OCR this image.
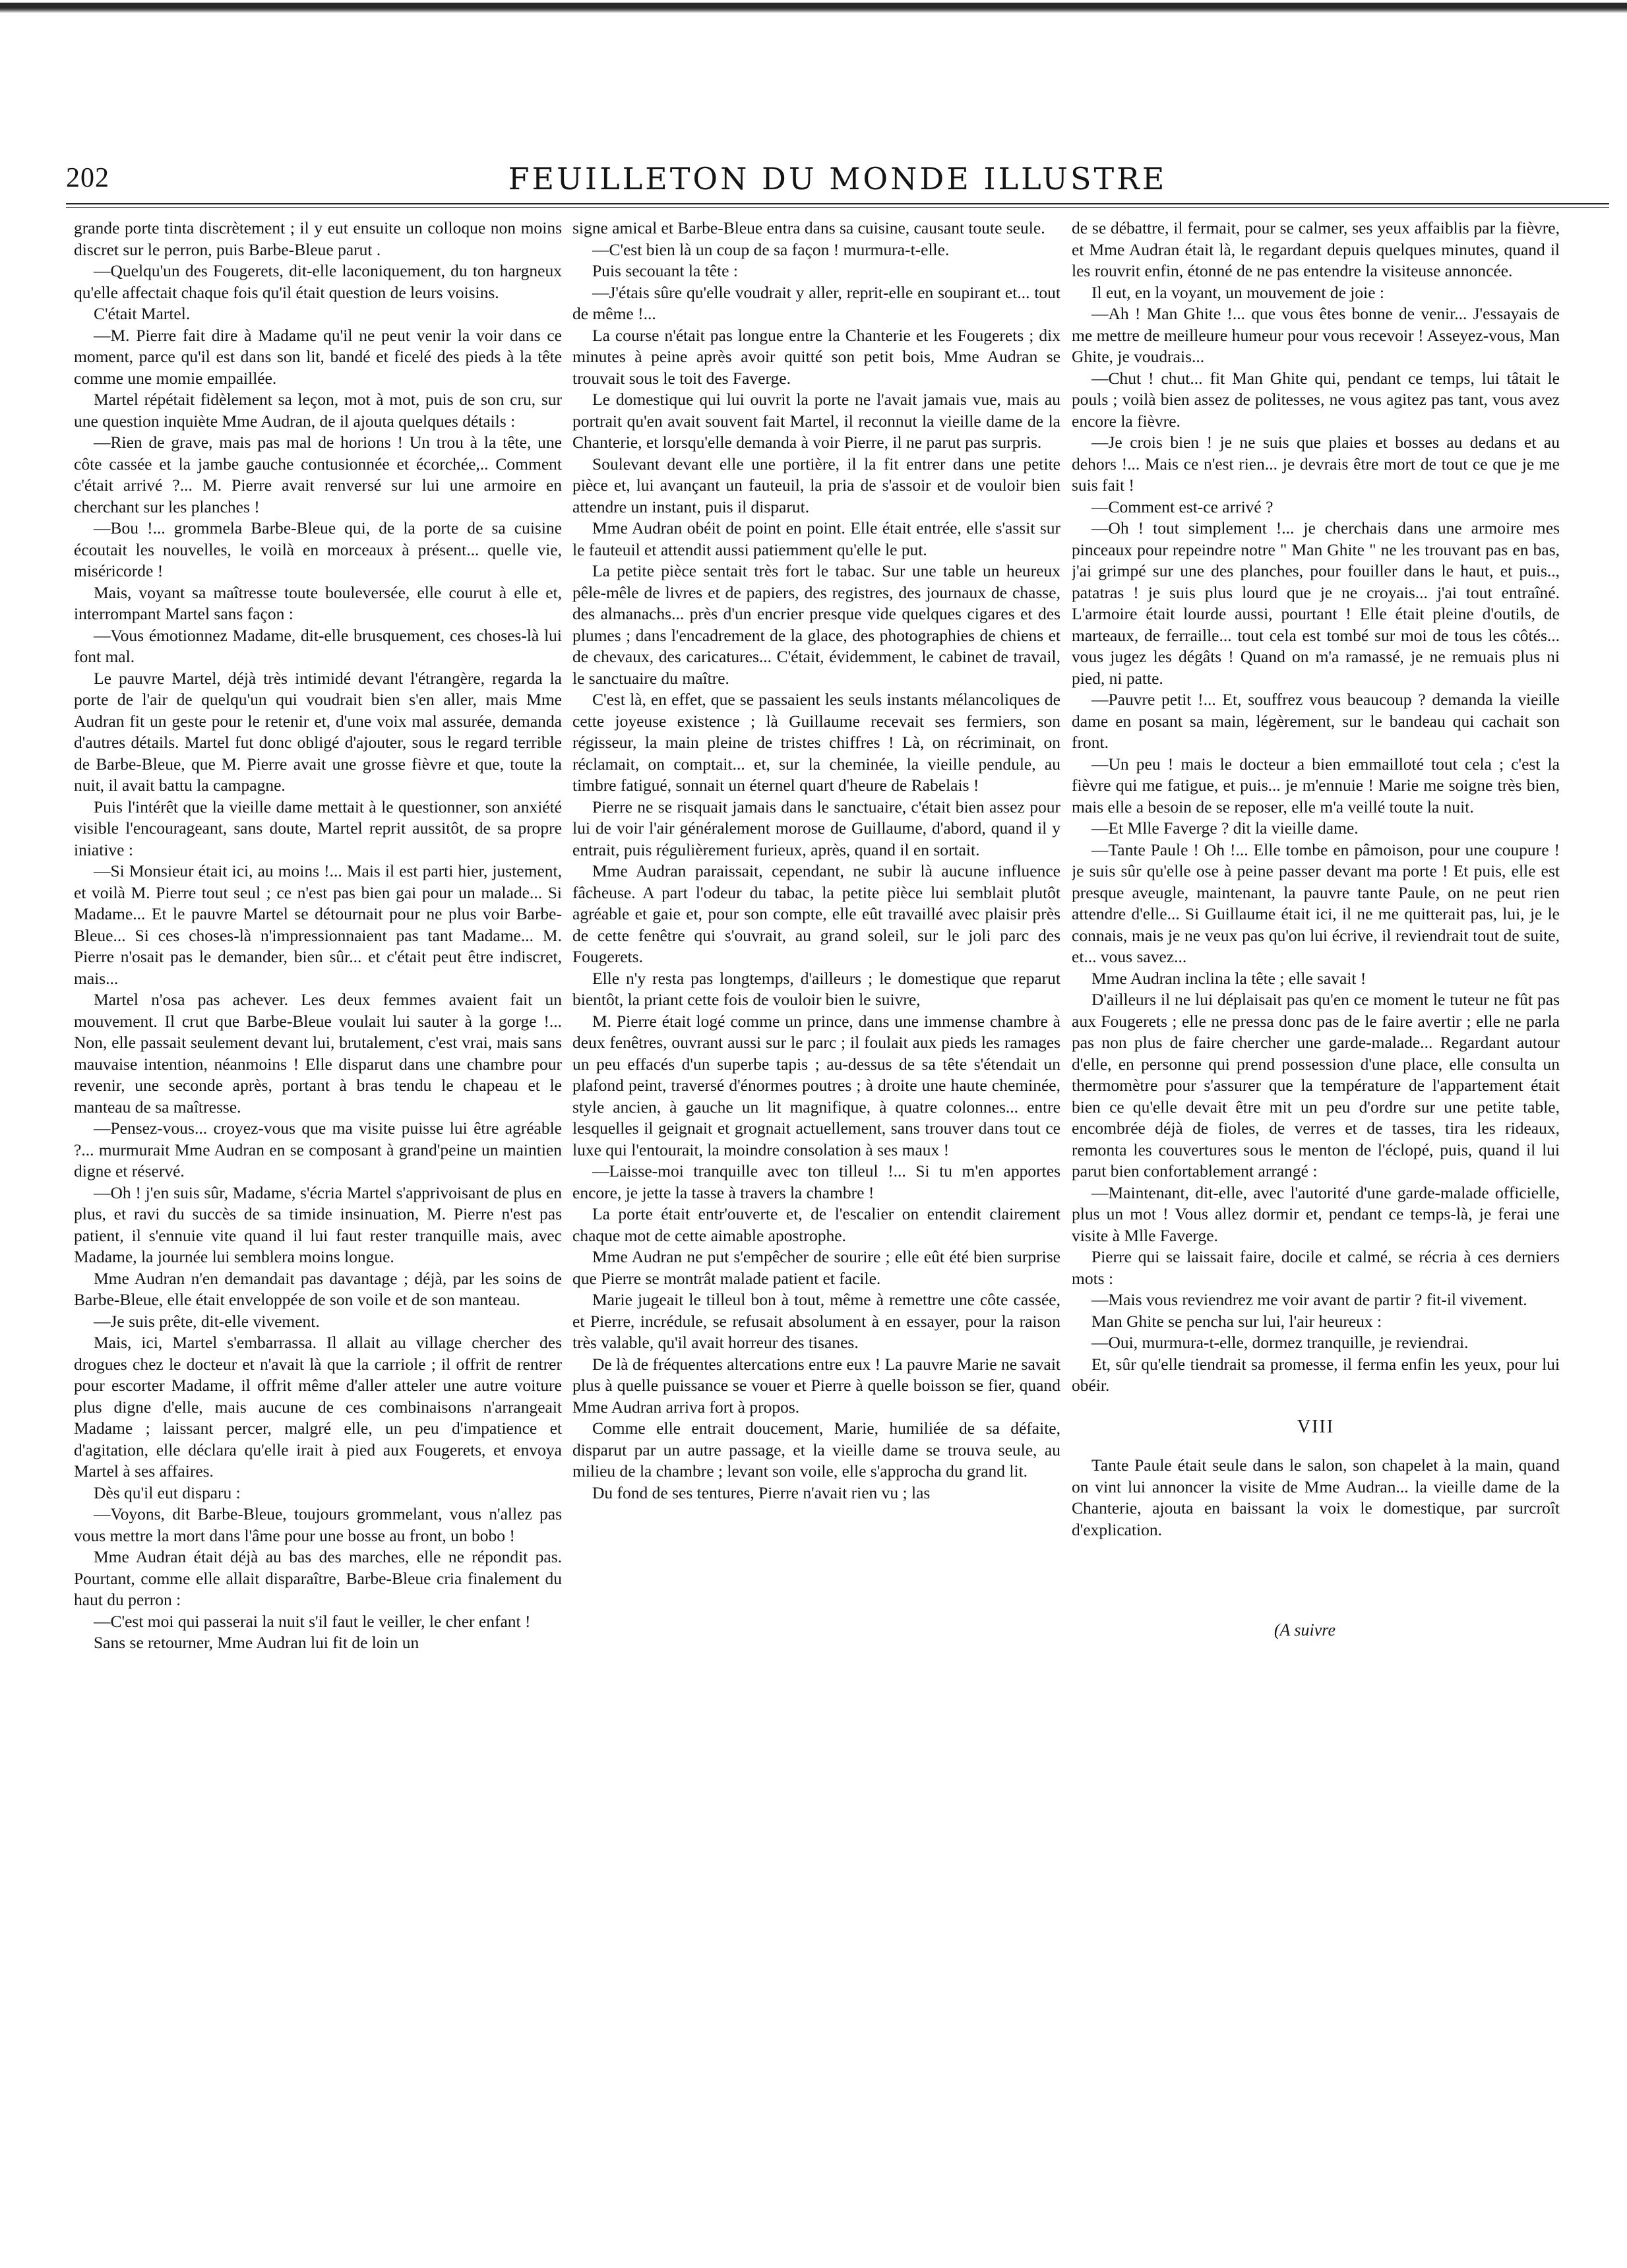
202	FEUILLETON DU MONDE ILLUSTRE

grande porte tinta discrètement ; il y eut ensuite un colloque non moins discret sur le perron, puis Barbe-Bleue parut .

—Quelqu'un des Fougerets, dit-elle laconiquement, du ton hargneux qu'elle affectait chaque fois qu'il était question de leurs voisins.

C'était Martel.

—M. Pierre fait dire à Madame qu'il ne peut venir la voir dans ce moment, parce qu'il est dans son lit, bandé et ficelé des pieds à la tête comme une momie empaillée.

Martel répétait fidèlement sa leçon, mot à mot, puis de son cru, sur une question inquiète Mme Audran, de il ajouta quelques détails :

—Rien de grave, mais pas mal de horions ! Un trou à la tête, une côte cassée et la jambe gauche contusionnée et écorchée,.. Comment c'était arrivé ?... M. Pierre avait renversé sur lui une armoire en cherchant sur les planches !

—Bou !... grommela Barbe-Bleue qui, de la porte de sa cuisine écoutait les nouvelles, le voilà en morceaux à présent... quelle vie, miséricorde !

Mais, voyant sa maîtresse toute bouleversée, elle courut à elle et, interrompant Martel sans façon :

—Vous émotionnez Madame, dit-elle brusquement, ces choses-là lui font mal.

Le pauvre Martel, déjà très intimidé devant l'étrangère, regarda la porte de l'air de quelqu'un qui voudrait bien s'en aller, mais Mme Audran fit un geste pour le retenir et, d'une voix mal assurée, demanda d'autres détails. Martel fut donc obligé d'ajouter, sous le regard terrible de Barbe-Bleue, que M. Pierre avait une grosse fièvre et que, toute la nuit, il avait battu la campagne.

Puis l'intérêt que la vieille dame mettait à le questionner, son anxiété visible l'encourageant, sans doute, Martel reprit aussitôt, de sa propre iniative :

—Si Monsieur était ici, au moins !... Mais il est parti hier, justement, et voilà M. Pierre tout seul ; ce n'est pas bien gai pour un malade... Si Madame... Et le pauvre Martel se détournait pour ne plus voir Barbe-Bleue... Si ces choses-là n'impressionnaient pas tant Madame... M. Pierre n'osait pas le demander, bien sûr... et c'était peut être indiscret, mais...

Martel n'osa pas achever. Les deux femmes avaient fait un mouvement. Il crut que Barbe-Bleue voulait lui sauter à la gorge !... Non, elle passait seulement devant lui, brutalement, c'est vrai, mais sans mauvaise intention, néanmoins ! Elle disparut dans une chambre pour revenir, une seconde après, portant à bras tendu le chapeau et le manteau de sa maîtresse.

—Pensez-vous... croyez-vous que ma visite puisse lui être agréable ?... murmurait Mme Audran en se composant à grand'peine un maintien digne et réservé.

—Oh ! j'en suis sûr, Madame, s'écria Martel s'apprivoisant de plus en plus, et ravi du succès de sa timide insinuation, M. Pierre n'est pas patient, il s'ennuie vite quand il lui faut rester tranquille mais, avec Madame, la journée lui semblera moins longue.

Mme Audran n'en demandait pas davantage ; déjà, par les soins de Barbe-Bleue, elle était enveloppée de son voile et de son manteau.

—Je suis prête, dit-elle vivement.

Mais, ici, Martel s'embarrassa. Il allait au village chercher des drogues chez le docteur et n'avait là que la carriole ; il offrit de rentrer pour escorter Madame, il offrit même d'aller atteler une autre voiture plus digne d'elle, mais aucune de ces combinaisons n'arrangeait Madame ; laissant percer, malgré elle, un peu d'impatience et d'agitation, elle déclara qu'elle irait à pied aux Fougerets, et envoya Martel à ses affaires.

Dès qu'il eut disparu :

—Voyons, dit Barbe-Bleue, toujours grommelant, vous n'allez pas vous mettre la mort dans l'âme pour une bosse au front, un bobo !

Mme Audran était déjà au bas des marches, elle ne répondit pas. Pourtant, comme elle allait disparaître, Barbe-Bleue cria finalement du haut du perron :

—C'est moi qui passerai la nuit s'il faut le veiller, le cher enfant !

Sans se retourner, Mme Audran lui fit de loin un

signe amical et Barbe-Bleue entra dans sa cuisine, causant toute seule.

—C'est bien là un coup de sa façon ! murmura-t-elle.

Puis secouant la tête :

—J'étais sûre qu'elle voudrait y aller, reprit-elle en soupirant et... tout de même !...

La course n'était pas longue entre la Chanterie et les Fougerets ; dix minutes à peine après avoir quitté son petit bois, Mme Audran se trouvait sous le toit des Faverge.

Le domestique qui lui ouvrit la porte ne l'avait jamais vue, mais au portrait qu'en avait souvent fait Martel, il reconnut la vieille dame de la Chanterie, et lorsqu'elle demanda à voir Pierre, il ne parut pas surpris.

Soulevant devant elle une portière, il la fit entrer dans une petite pièce et, lui avançant un fauteuil, la pria de s'assoir et de vouloir bien attendre un instant, puis il disparut.

Mme Audran obéit de point en point. Elle était entrée, elle s'assit sur le fauteuil et attendit aussi patiemment qu'elle le put.

La petite pièce sentait très fort le tabac. Sur une table un heureux pêle-mêle de livres et de papiers, des registres, des journaux de chasse, des almanachs... près d'un encrier presque vide quelques cigares et des plumes ; dans l'encadrement de la glace, des photographies de chiens et de chevaux, des caricatures... C'était, évidemment, le cabinet de travail, le sanctuaire du maître.

C'est là, en effet, que se passaient les seuls instants mélancoliques de cette joyeuse existence ; là Guillaume recevait ses fermiers, son régisseur, la main pleine de tristes chiffres ! Là, on récriminait, on réclamait, on comptait... et, sur la cheminée, la vieille pendule, au timbre fatigué, sonnait un éternel quart d'heure de Rabelais !

Pierre ne se risquait jamais dans le sanctuaire, c'était bien assez pour lui de voir l'air généralement morose de Guillaume, d'abord, quand il y entrait, puis régulièrement furieux, après, quand il en sortait.

Mme Audran paraissait, cependant, ne subir là aucune influence fâcheuse. A part l'odeur du tabac, la petite pièce lui semblait plutôt agréable et gaie et, pour son compte, elle eût travaillé avec plaisir près de cette fenêtre qui s'ouvrait, au grand soleil, sur le joli parc des Fougerets.

Elle n'y resta pas longtemps, d'ailleurs ; le domestique que reparut bientôt, la priant cette fois de vouloir bien le suivre,

M. Pierre était logé comme un prince, dans une immense chambre à deux fenêtres, ouvrant aussi sur le parc ; il foulait aux pieds les ramages un peu effacés d'un superbe tapis ; au-dessus de sa tête s'étendait un plafond peint, traversé d'énormes poutres ; à droite une haute cheminée, style ancien, à gauche un lit magnifique, à quatre colonnes... entre lesquelles il geignait et grognait actuellement, sans trouver dans tout ce luxe qui l'entourait, la moindre consolation à ses maux !

—Laisse-moi tranquille avec ton tilleul !... Si tu m'en apportes encore, je jette la tasse à travers la chambre !

La porte était entr'ouverte et, de l'escalier on entendit clairement chaque mot de cette aimable apostrophe.

Mme Audran ne put s'empêcher de sourire ; elle eût été bien surprise que Pierre se montrât malade patient et facile.

Marie jugeait le tilleul bon à tout, même à remettre une côte cassée, et Pierre, incrédule, se refusait absolument à en essayer, pour la raison très valable, qu'il avait horreur des tisanes.

De là de fréquentes altercations entre eux ! La pauvre Marie ne savait plus à quelle puissance se vouer et Pierre à quelle boisson se fier, quand Mme Audran arriva fort à propos.

Comme elle entrait doucement, Marie, humiliée de sa défaite, disparut par un autre passage, et la vieille dame se trouva seule, au milieu de la chambre ; levant son voile, elle s'approcha du grand lit.

Du fond de ses tentures, Pierre n'avait rien vu ; las

de se débattre, il fermait, pour se calmer, ses yeux affaiblis par la fièvre, et Mme Audran était là, le regardant depuis quelques minutes, quand il les rouvrit enfin, étonné de ne pas entendre la visiteuse annoncée.

Il eut, en la voyant, un mouvement de joie :

—Ah ! Man Ghite !... que vous êtes bonne de venir... J'essayais de me mettre de meilleure humeur pour vous recevoir ! Asseyez-vous, Man Ghite, je voudrais...

—Chut ! chut... fit Man Ghite qui, pendant ce temps, lui tâtait le pouls ; voilà bien assez de politesses, ne vous agitez pas tant, vous avez encore la fièvre.

—Je crois bien ! je ne suis que plaies et bosses au dedans et au dehors !... Mais ce n'est rien... je devrais être mort de tout ce que je me suis fait !

—Comment est-ce arrivé ?

—Oh ! tout simplement !... je cherchais dans une armoire mes pinceaux pour repeindre notre " Man Ghite " ne les trouvant pas en bas, j'ai grimpé sur une des planches, pour fouiller dans le haut, et puis.., patatras ! je suis plus lourd que je ne croyais... j'ai tout entraîné. L'armoire était lourde aussi, pourtant ! Elle était pleine d'outils, de marteaux, de ferraille... tout cela est tombé sur moi de tous les côtés... vous jugez les dégâts ! Quand on m'a ramassé, je ne remuais plus ni pied, ni patte.

—Pauvre petit !... Et, souffrez vous beaucoup ? demanda la vieille dame en posant sa main, légèrement, sur le bandeau qui cachait son front.

—Un peu ! mais le docteur a bien emmailloté tout cela ; c'est la fièvre qui me fatigue, et puis... je m'ennuie ! Marie me soigne très bien, mais elle a besoin de se reposer, elle m'a veillé toute la nuit.

—Et Mlle Faverge ? dit la vieille dame.

—Tante Paule ! Oh !... Elle tombe en pâmoison, pour une coupure ! je suis sûr qu'elle ose à peine passer devant ma porte ! Et puis, elle est presque aveugle, maintenant, la pauvre tante Paule, on ne peut rien attendre d'elle... Si Guillaume était ici, il ne me quitterait pas, lui, je le connais, mais je ne veux pas qu'on lui écrive, il reviendrait tout de suite, et... vous savez...

Mme Audran inclina la tête ; elle savait !

D'ailleurs il ne lui déplaisait pas qu'en ce moment le tuteur ne fût pas aux Fougerets ; elle ne pressa donc pas de le faire avertir ; elle ne parla pas non plus de faire chercher une garde-malade... Regardant autour d'elle, en personne qui prend possession d'une place, elle consulta un thermomètre pour s'assurer que la température de l'appartement était bien ce qu'elle devait être mit un peu d'ordre sur une petite table, encombrée déjà de fioles, de verres et de tasses, tira les rideaux, remonta les couvertures sous le menton de l'éclopé, puis, quand il lui parut bien confortablement arrangé :

—Maintenant, dit-elle, avec l'autorité d'une garde-malade officielle, plus un mot ! Vous allez dormir et, pendant ce temps-là, je ferai une visite à Mlle Faverge.

Pierre qui se laissait faire, docile et calmé, se récria à ces derniers mots :

—Mais vous reviendrez me voir avant de partir ? fit-il vivement.

Man Ghite se pencha sur lui, l'air heureux :

—Oui, murmura-t-elle, dormez tranquille, je reviendrai.

Et, sûr qu'elle tiendrait sa promesse, il ferma enfin les yeux, pour lui obéir.

VIII

Tante Paule était seule dans le salon, son chapelet à la main, quand on vint lui annoncer la visite de Mme Audran... la vieille dame de la Chanterie, ajouta en baissant la voix le domestique, par surcroît d'explication.

(A suivre
